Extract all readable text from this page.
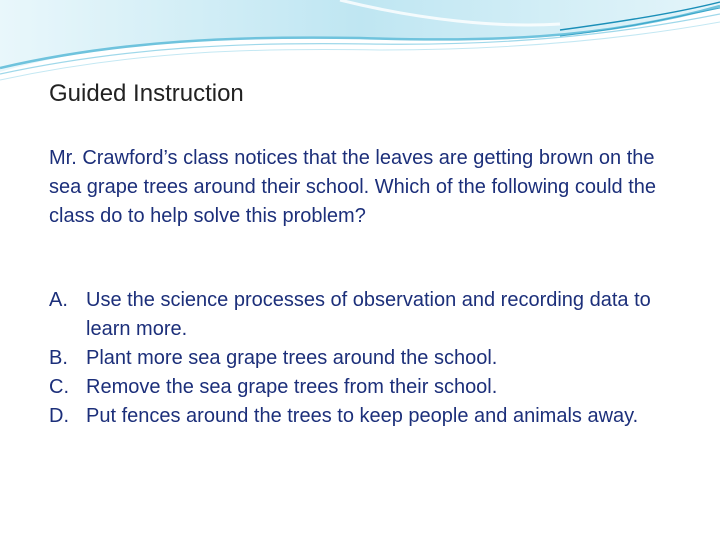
Guided Instruction
Mr. Crawford’s class notices that the leaves are getting brown on the sea grape trees around their school. Which of the following could the class do to help solve this problem?
A. Use the science processes of observation and recording data to learn more.
B. Plant more sea grape trees around the school.
C. Remove the sea grape trees from their school.
D. Put fences around the trees to keep people and animals away.
